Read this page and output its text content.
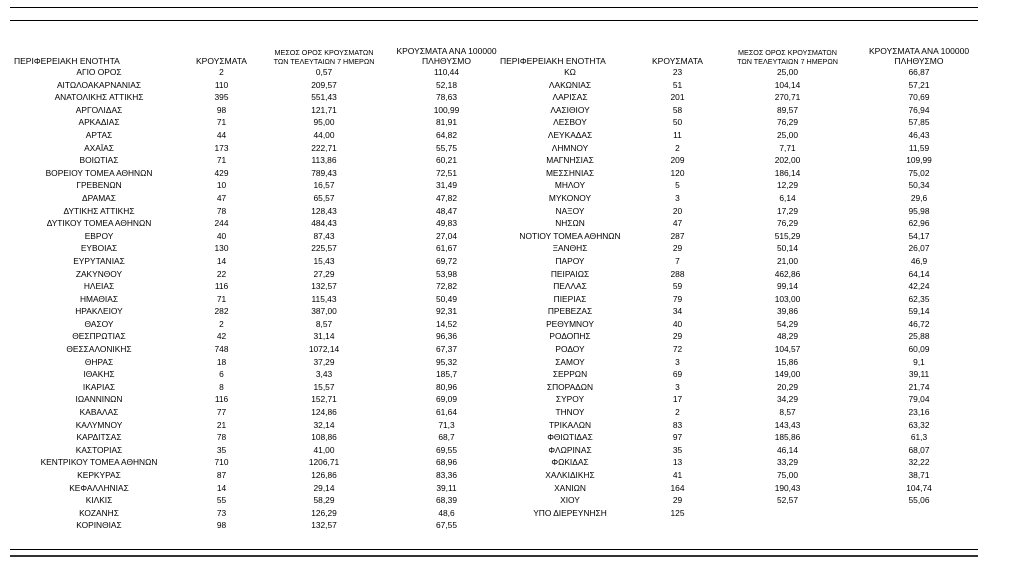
ΠΕΡΙΦΕΡΕΙΑΚΗ ΕΝΟΤΗΤΑ	ΚΡΟΥΣΜΑΤΑ	ΜΕΣΟΣ ΟΡΟΣ ΚΡΟΥΣΜΑΤΩΝ
ΤΩΝ ΤΕΛΕΥΤΑΙΩΝ 7 ΗΜΕΡΩΝ	ΚΡΟΥΣΜΑΤΑ ΑΝΑ 100000
ΠΛΗΘΥΣΜΟ
ΑΓΙΟ ΟΡΟΣ	2	0,57	110,44
ΑΙΤΩΛΟΑΚΑΡΝΑΝΙΑΣ	110	209,57	52,18
ΑΝΑΤΟΛΙΚΗΣ ΑΤΤΙΚΗΣ	395	551,43	78,63
ΑΡΓΟΛΙΔΑΣ	98	121,71	100,99
ΑΡΚΑΔΙΑΣ	71	95,00	81,91
ΑΡΤΑΣ	44	44,00	64,82
ΑΧΑΪΑΣ	173	222,71	55,75
ΒΟΙΩΤΙΑΣ	71	113,86	60,21
ΒΟΡΕΙΟΥ ΤΟΜΕΑ ΑΘΗΝΩΝ	429	789,43	72,51
ΓΡΕΒΕΝΩΝ	10	16,57	31,49
ΔΡΑΜΑΣ	47	65,57	47,82
ΔΥΤΙΚΗΣ ΑΤΤΙΚΗΣ	78	128,43	48,47
ΔΥΤΙΚΟΥ ΤΟΜΕΑ ΑΘΗΝΩΝ	244	484,43	49,83
ΕΒΡΟΥ	40	87,43	27,04
ΕΥΒΟΙΑΣ	130	225,57	61,67
ΕΥΡΥΤΑΝΙΑΣ	14	15,43	69,72
ΖΑΚΥΝΘΟΥ	22	27,29	53,98
ΗΛΕΙΑΣ	116	132,57	72,82
ΗΜΑΘΙΑΣ	71	115,43	50,49
ΗΡΑΚΛΕΙΟΥ	282	387,00	92,31
ΘΑΣΟΥ	2	8,57	14,52
ΘΕΣΠΡΩΤΙΑΣ	42	31,14	96,36
ΘΕΣΣΑΛΟΝΙΚΗΣ	748	1072,14	67,37
ΘΗΡΑΣ	18	37,29	95,32
ΙΘΑΚΗΣ	6	3,43	185,7
ΙΚΑΡΙΑΣ	8	15,57	80,96
ΙΩΑΝΝΙΝΩΝ	116	152,71	69,09
ΚΑΒΑΛΑΣ	77	124,86	61,64
ΚΑΛΥΜΝΟΥ	21	32,14	71,3
ΚΑΡΔΙΤΣΑΣ	78	108,86	68,7
ΚΑΣΤΟΡΙΑΣ	35	41,00	69,55
ΚΕΝΤΡΙΚΟΥ ΤΟΜΕΑ ΑΘΗΝΩΝ	710	1206,71	68,96
ΚΕΡΚΥΡΑΣ	87	126,86	83,36
ΚΕΦΑΛΛΗΝΙΑΣ	14	29,14	39,11
ΚΙΛΚΙΣ	55	58,29	68,39
ΚΟΖΑΝΗΣ	73	126,29	48,6
ΚΟΡΙΝΘΙΑΣ	98	132,57	67,55
ΠΕΡΙΦΕΡΕΙΑΚΗ ΕΝΟΤΗΤΑ	ΚΡΟΥΣΜΑΤΑ	ΜΕΣΟΣ ΟΡΟΣ ΚΡΟΥΣΜΑΤΩΝ
ΤΩΝ ΤΕΛΕΥΤΑΙΩΝ 7 ΗΜΕΡΩΝ	ΚΡΟΥΣΜΑΤΑ ΑΝΑ 100000
ΠΛΗΘΥΣΜΟ
ΚΩ	23	25,00	66,87
ΛΑΚΩΝΙΑΣ	51	104,14	57,21
ΛΑΡΙΣΑΣ	201	270,71	70,69
ΛΑΣΙΘΙΟΥ	58	89,57	76,94
ΛΕΣΒΟΥ	50	76,29	57,85
ΛΕΥΚΑΔΑΣ	11	25,00	46,43
ΛΗΜΝΟΥ	2	7,71	11,59
ΜΑΓΝΗΣΙΑΣ	209	202,00	109,99
ΜΕΣΣΗΝΙΑΣ	120	186,14	75,02
ΜΗΛΟΥ	5	12,29	50,34
ΜΥΚΟΝΟΥ	3	6,14	29,6
ΝΑΞΟΥ	20	17,29	95,98
ΝΗΣΩΝ	47	76,29	62,96
ΝΟΤΙΟΥ ΤΟΜΕΑ ΑΘΗΝΩΝ	287	515,29	54,17
ΞΑΝΘΗΣ	29	50,14	26,07
ΠΑΡΟΥ	7	21,00	46,9
ΠΕΙΡΑΙΩΣ	288	462,86	64,14
ΠΕΛΛΑΣ	59	99,14	42,24
ΠΙΕΡΙΑΣ	79	103,00	62,35
ΠΡΕΒΕΖΑΣ	34	39,86	59,14
ΡΕΘΥΜΝΟΥ	40	54,29	46,72
ΡΟΔΟΠΗΣ	29	48,29	25,88
ΡΟΔΟΥ	72	104,57	60,09
ΣΑΜΟΥ	3	15,86	9,1
ΣΕΡΡΩΝ	69	149,00	39,11
ΣΠΟΡΑΔΩΝ	3	20,29	21,74
ΣΥΡΟΥ	17	34,29	79,04
ΤΗΝΟΥ	2	8,57	23,16
ΤΡΙΚΑΛΩΝ	83	143,43	63,32
ΦΘΙΩΤΙΔΑΣ	97	185,86	61,3
ΦΛΩΡΙΝΑΣ	35	46,14	68,07
ΦΩΚΙΔΑΣ	13	33,29	32,22
ΧΑΛΚΙΔΙΚΗΣ	41	75,00	38,71
ΧΑΝΙΩΝ	164	190,43	104,74
ΧΙΟΥ	29	52,57	55,06
ΥΠΟ ΔΙΕΡΕΥΝΗΣΗ	125		
